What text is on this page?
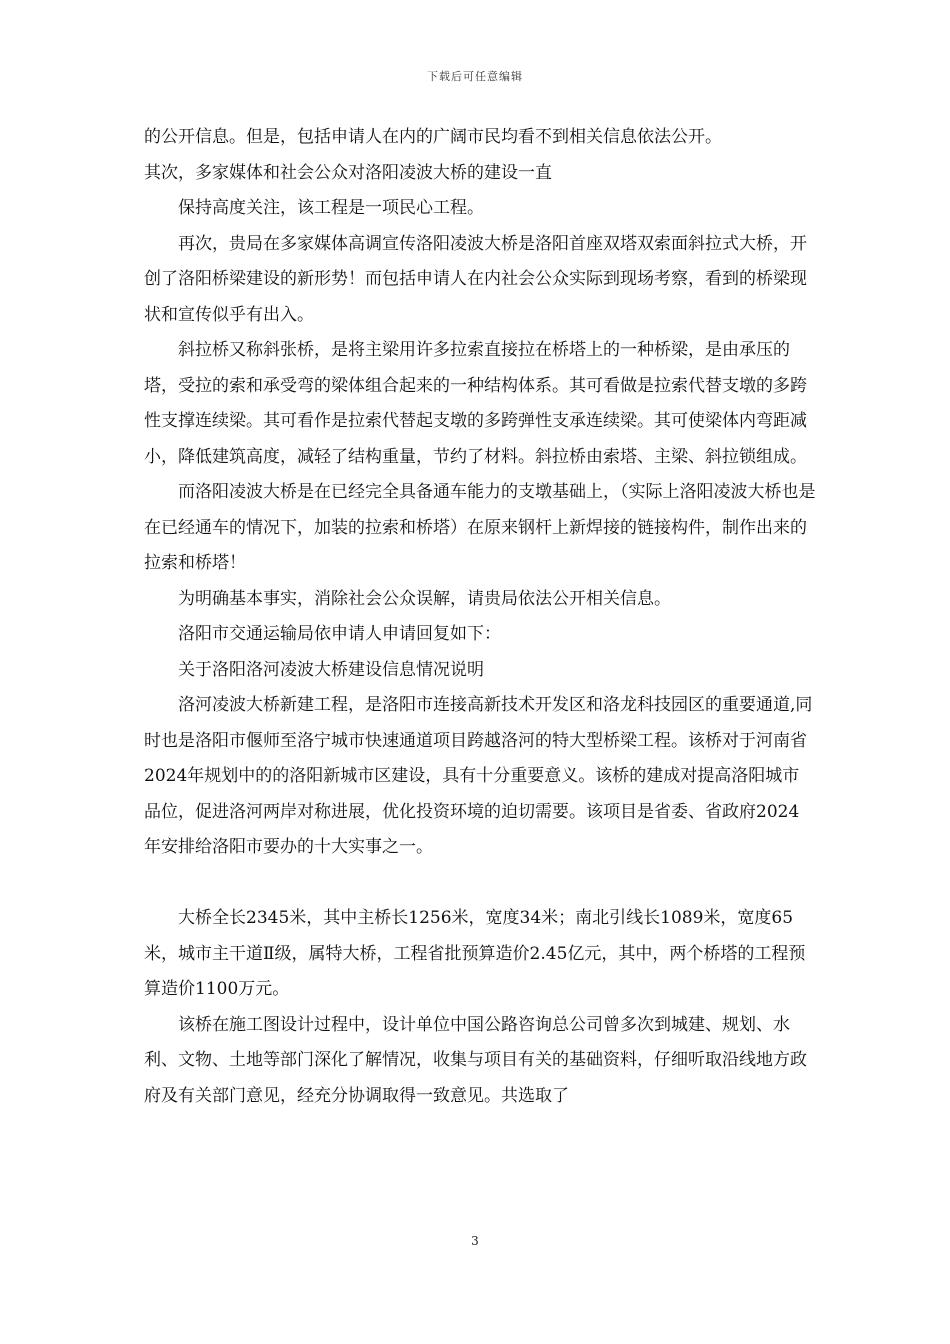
下载后可任意编辑

的公开信息。但是，包括申请人在内的广阔市民均看不到相关信息依法公开。

其次，多家媒体和社会公众对洛阳凌波大桥的建设一直

保持高度关注，该工程是一项民心工程。

再次，贵局在多家媒体高调宣传洛阳凌波大桥是洛阳首座双塔双索面斜拉式大桥，开创了洛阳桥梁建设的新形势！而包括申请人在内社会公众实际到现场考察，看到的桥梁现状和宣传似乎有出入。

斜拉桥又称斜张桥，是将主梁用许多拉索直接拉在桥塔上的一种桥梁，是由承压的塔，受拉的索和承受弯的梁体组合起来的一种结构体系。其可看做是拉索代替支墩的多跨性支撑连续梁。其可看作是拉索代替起支墩的多跨弹性支承连续梁。其可使梁体内弯距减小，降低建筑高度，减轻了结构重量，节约了材料。斜拉桥由索塔、主梁、斜拉锁组成。

而洛阳凌波大桥是在已经完全具备通车能力的支墩基础上，（实际上洛阳凌波大桥也是在已经通车的情况下，加装的拉索和桥塔）在原来钢杆上新焊接的链接构件，制作出来的拉索和桥塔！

为明确基本事实，消除社会公众误解，请贵局依法公开相关信息。

洛阳市交通运输局依申请人申请回复如下：

关于洛阳洛河凌波大桥建设信息情况说明

洛河凌波大桥新建工程，是洛阳市连接高新技术开发区和洛龙科技园区的重要通道,同时也是洛阳市偃师至洛宁城市快速通道项目跨越洛河的特大型桥梁工程。该桥对于河南省2024年规划中的的洛阳新城市区建设，具有十分重要意义。该桥的建成对提高洛阳城市品位，促进洛河两岸对称进展，优化投资环境的迫切需要。该项目是省委、省政府2024年安排给洛阳市要办的十大实事之一。

大桥全长2345米，其中主桥长1256米，宽度34米；南北引线长1089米，宽度65米，城市主干道Ⅱ级，属特大桥，工程省批预算造价2.45亿元，其中，两个桥塔的工程预算造价1100万元。

该桥在施工图设计过程中，设计单位中国公路咨询总公司曾多次到城建、规划、水利、文物、土地等部门深化了解情况，收集与项目有关的基础资料，仔细听取沿线地方政府及有关部门意见，经充分协调取得一致意见。共选取了

3
